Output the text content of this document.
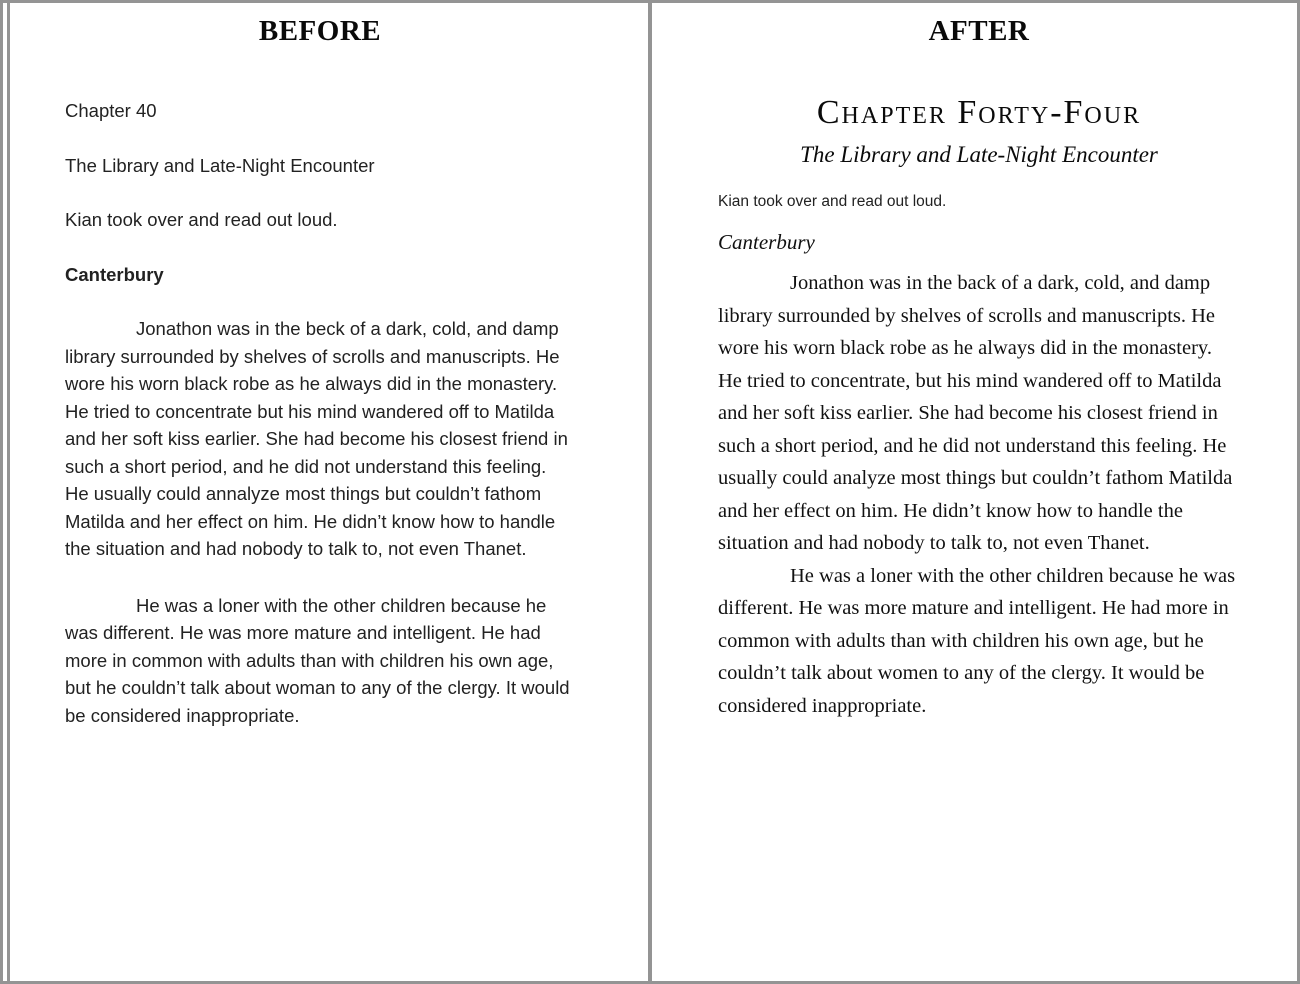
BEFORE

Chapter 40

The Library and Late-Night Encounter

Kian took over and read out loud.

Canterbury

Jonathon was in the beck of a dark, cold, and damp library surrounded by shelves of scrolls and manuscripts. He wore his worn black robe as he always did in the monastery. He tried to concentrate but his mind wandered off to Matilda and her soft kiss earlier. She had become his closest friend in such a short period, and he did not understand this feeling. He usually could annalyze most things but couldn’t fathom Matilda and her effect on him. He didn’t know how to handle the situation and had nobody to talk to, not even Thanet.

He was a loner with the other children because he was different. He was more mature and intelligent. He had more in common with adults than with children his own age, but he couldn’t talk about woman to any of the clergy. It would be considered inappropriate.

AFTER
Chapter Forty-Four
The Library and Late-Night Encounter

Kian took over and read out loud.

Canterbury

Jonathon was in the back of a dark, cold, and damp library surrounded by shelves of scrolls and manuscripts. He wore his worn black robe as he always did in the monastery. He tried to concentrate, but his mind wandered off to Matilda and her soft kiss earlier. She had become his closest friend in such a short period, and he did not understand this feeling. He usually could analyze most things but couldn’t fathom Matilda and her effect on him. He didn’t know how to handle the situation and had nobody to talk to, not even Thanet.

He was a loner with the other children because he was different. He was more mature and intelligent. He had more in common with adults than with children his own age, but he couldn’t talk about women to any of the clergy. It would be considered inappropriate.
